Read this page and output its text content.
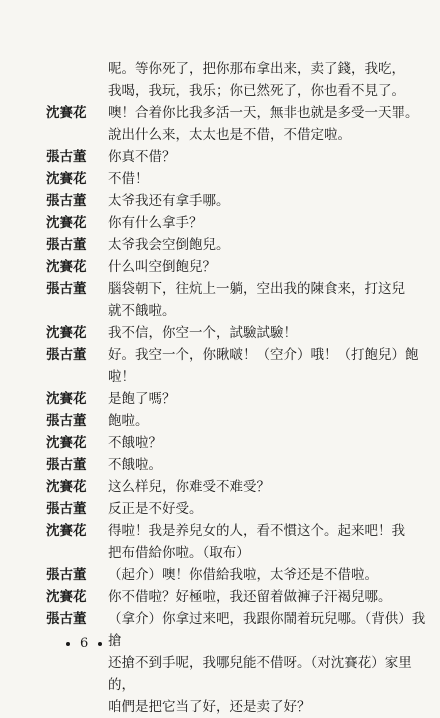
呢。等你死了，把你那布拿出来，卖了錢，我吃，
我喝，我玩，我乐；你已然死了，你也看不見了。
沈賽花	噢！合着你比我多活一天，無非也就是多受一天罪。
說出什么来，太太也是不借，不借定啦。
張古董	你真不借？
沈賽花	不借！
張古董	太爷我还有拿手哪。
沈賽花	你有什么拿手？
張古董	太爷我会空倒飽兒。
沈賽花	什么叫空倒飽兒？
張古董	腦袋朝下，往炕上一躺，空出我的陳食来，打这兒
就不餓啦。
沈賽花	我不信，你空一个，試驗試驗！
張古董	好。我空一个，你瞅啵！（空介）哦！（打飽兒）飽啦！
沈賽花	是飽了嗎？
張古董	飽啦。
沈賽花	不餓啦？
張古董	不餓啦。
沈賽花	这么样兒，你难受不难受？
張古董	反正是不好受。
沈賽花	得啦！我是养兒女的人，看不慣这个。起来吧！我
把布借給你啦。（取布）
張古董	（起介）噢！你借給我啦，太爷还是不借啦。
沈賽花	你不借啦？好極啦，我还留着做褲子汗褐兒哪。
張古董	（拿介）你拿过来吧，我跟你鬧着玩兒哪。（背供）我搶
还搶不到手呢，我哪兒能不借呀。（对沈賽花）家里的，
咱們是把它当了好，还是卖了好？
6
